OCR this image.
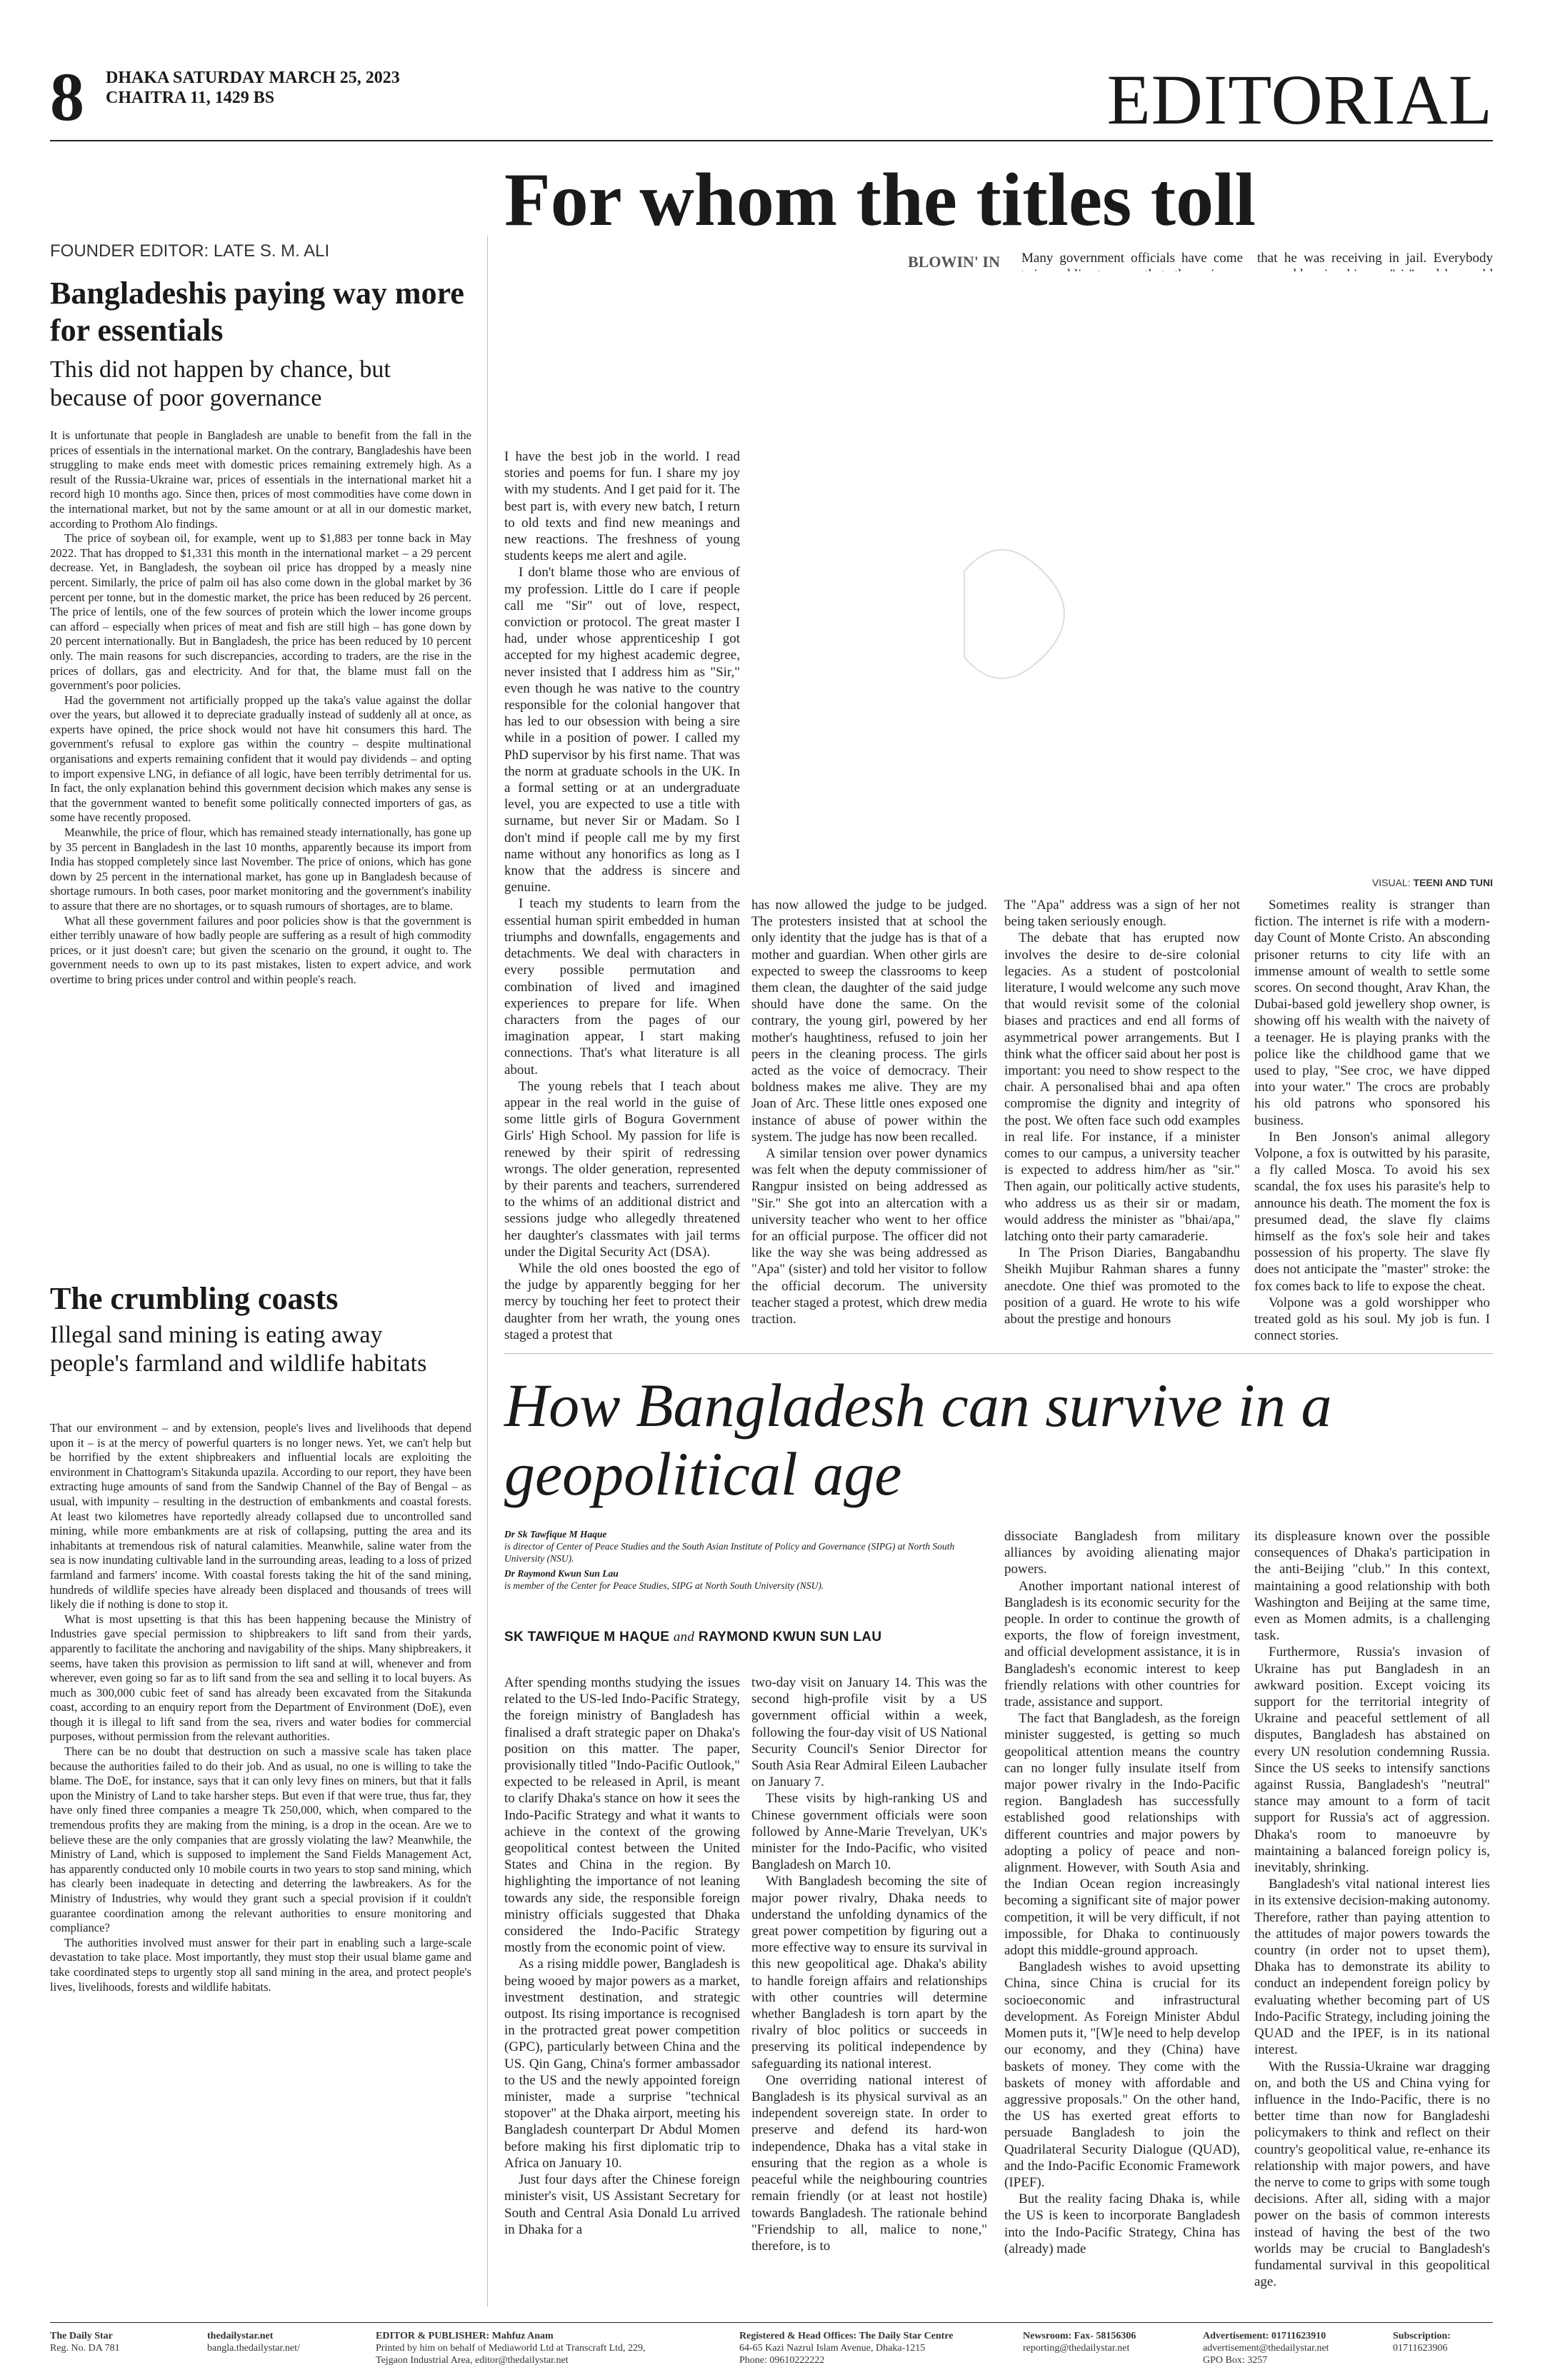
8 DHAKA SATURDAY MARCH 25, 2023
CHAITRA 11, 1429 BS	EDITORIAL
FOUNDER EDITOR: LATE S. M. ALI
Bangladeshis paying way more for essentials
This did not happen by chance, but because of poor governance

It is unfortunate that people in Bangladesh are unable to benefit from the fall in the prices of essentials in the international market. On the contrary, Bangladeshis have been struggling to make ends meet with domestic prices remaining extremely high. As a result of the Russia-Ukraine war, prices of essentials in the international market hit a record high 10 months ago. Since then, prices of most commodities have come down in the international market, but not by the same amount or at all in our domestic market, according to Prothom Alo findings.

The price of soybean oil, for example, went up to $1,883 per tonne back in May 2022. That has dropped to $1,331 this month in the international market – a 29 percent decrease. Yet, in Bangladesh, the soybean oil price has dropped by a measly nine percent. Similarly, the price of palm oil has also come down in the global market by 36 percent per tonne, but in the domestic market, the price has been reduced by 26 percent. The price of lentils, one of the few sources of protein which the lower income groups can afford – especially when prices of meat and fish are still high – has gone down by 20 percent internationally. But in Bangladesh, the price has been reduced by 10 percent only. The main reasons for such discrepancies, according to traders, are the rise in the prices of dollars, gas and electricity. And for that, the blame must fall on the government's poor policies.

Had the government not artificially propped up the taka's value against the dollar over the years, but allowed it to depreciate gradually instead of suddenly all at once, as experts have opined, the price shock would not have hit consumers this hard. The government's refusal to explore gas within the country – despite multinational organisations and experts remaining confident that it would pay dividends – and opting to import expensive LNG, in defiance of all logic, have been terribly detrimental for us. In fact, the only explanation behind this government decision which makes any sense is that the government wanted to benefit some politically connected importers of gas, as some have recently proposed.

Meanwhile, the price of flour, which has remained steady internationally, has gone up by 35 percent in Bangladesh in the last 10 months, apparently because its import from India has stopped completely since last November. The price of onions, which has gone down by 25 percent in the international market, has gone up in Bangladesh because of shortage rumours. In both cases, poor market monitoring and the government's inability to assure that there are no shortages, or to squash rumours of shortages, are to blame.

What all these government failures and poor policies show is that the government is either terribly unaware of how badly people are suffering as a result of high commodity prices, or it just doesn't care; but given the scenario on the ground, it ought to. The government needs to own up to its past mistakes, listen to expert advice, and work overtime to bring prices under control and within people's reach.

The crumbling coasts
Illegal sand mining is eating away people's farmland and wildlife habitats

That our environment – and by extension, people's lives and livelihoods that depend upon it – is at the mercy of powerful quarters is no longer news. Yet, we can't help but be horrified by the extent shipbreakers and influential locals are exploiting the environment in Chattogram's Sitakunda upazila. According to our report, they have been extracting huge amounts of sand from the Sandwip Channel of the Bay of Bengal – as usual, with impunity – resulting in the destruction of embankments and coastal forests. At least two kilometres have reportedly already collapsed due to uncontrolled sand mining, while more embankments are at risk of collapsing, putting the area and its inhabitants at tremendous risk of natural calamities. Meanwhile, saline water from the sea is now inundating cultivable land in the surrounding areas, leading to a loss of prized farmland and farmers' income. With coastal forests taking the hit of the sand mining, hundreds of wildlife species have already been displaced and thousands of trees will likely die if nothing is done to stop it.

What is most upsetting is that this has been happening because the Ministry of Industries gave special permission to shipbreakers to lift sand from their yards, apparently to facilitate the anchoring and navigability of the ships. Many shipbreakers, it seems, have taken this provision as permission to lift sand at will, whenever and from wherever, even going so far as to lift sand from the sea and selling it to local buyers. As much as 300,000 cubic feet of sand has already been excavated from the Sitakunda coast, according to an enquiry report from the Department of Environment (DoE), even though it is illegal to lift sand from the sea, rivers and water bodies for commercial purposes, without permission from the relevant authorities.

There can be no doubt that destruction on such a massive scale has taken place because the authorities failed to do their job. And as usual, no one is willing to take the blame. The DoE, for instance, says that it can only levy fines on miners, but that it falls upon the Ministry of Land to take harsher steps. But even if that were true, thus far, they have only fined three companies a meagre Tk 250,000, which, when compared to the tremendous profits they are making from the mining, is a drop in the ocean. Are we to believe these are the only companies that are grossly violating the law? Meanwhile, the Ministry of Land, which is supposed to implement the Sand Fields Management Act, has apparently conducted only 10 mobile courts in two years to stop sand mining, which has clearly been inadequate in detecting and deterring the lawbreakers. As for the Ministry of Industries, why would they grant such a special provision if it couldn't guarantee coordination among the relevant authorities to ensure monitoring and compliance?

The authorities involved must answer for their part in enabling such a large-scale devastation to take place. Most importantly, they must stop their usual blame game and take coordinated steps to urgently stop all sand mining in the area, and protect people's lives, livelihoods, forests and wildlife habitats.

For whom the titles toll
BLOWIN' IN	Many government officials have come that he was receiving in jail. Everybody

VISUAL: TEENI AND TUNI

I have the best job in the world. I read stories and poems for fun. I share my joy with my students. And I get paid for it. The best part is, with every new batch, I return to old texts and find new meanings and new reactions. The freshness of young students keeps me alert and agile.

I don't blame those who are envious of my profession. Little do I care if people call me "Sir" out of love, respect, conviction or protocol. The great master I had, under whose apprenticeship I got accepted for my highest academic degree, never insisted that I address him as "Sir," even though he was native to the country responsible for the colonial hangover that has led to our obsession with being a sire while in a position of power. I called my PhD supervisor by his first name. That was the norm at graduate schools in the UK. In a formal setting or at an undergraduate level, you are expected to use a title with surname, but never Sir or Madam. So I don't mind if people call me by my first name without any honorifics as long as I know that the address is sincere and genuine.

I teach my students to learn from the essential human spirit embedded in human triumphs and downfalls, engagements and detachments. We deal with characters in every possible permutation and combination of lived and imagined experiences to prepare for life. When characters from the pages of our imagination appear, I start making connections. That's what literature is all about.

The young rebels that I teach about appear in the real world in the guise of some little girls of Bogura Government Girls' High School. My passion for life is renewed by their spirit of redressing wrongs. The older generation, represented by their parents and teachers, surrendered to the whims of an additional district and sessions judge who allegedly threatened her daughter's classmates with jail terms under the Digital Security Act (DSA).

While the old ones boosted the ego of the judge by apparently begging for her mercy by touching her feet to protect their daughter from her wrath, the young ones staged a protest that

has now allowed the judge to be judged. The protesters insisted that at school the only identity that the judge has is that of a mother and guardian. When other girls are expected to sweep the classrooms to keep them clean, the daughter of the said judge should have done the same. On the contrary, the young girl, powered by her mother's haughtiness, refused to join her peers in the cleaning process. The girls acted as the voice of democracy. Their boldness makes me alive. They are my Joan of Arc. These little ones exposed one instance of abuse of power within the system. The judge has now been recalled.

A similar tension over power dynamics was felt when the deputy commissioner of Rangpur insisted on being addressed as "Sir." She got into an altercation with a university teacher who went to her office for an official purpose. The officer did not like the way she was being addressed as "Apa" (sister) and told her visitor to follow the official decorum. The university teacher staged a protest, which drew media traction.

The "Apa" address was a sign of her not being taken seriously enough.

The debate that has erupted now involves the desire to de-sire colonial legacies. As a student of postcolonial literature, I would welcome any such move that would revisit some of the colonial biases and practices and end all forms of asymmetrical power arrangements. But I think what the officer said about her post is important: you need to show respect to the chair. A personalised bhai and apa often compromise the dignity and integrity of the post. We often face such odd examples in real life. For instance, if a minister comes to our campus, a university teacher is expected to address him/her as "sir." Then again, our politically active students, who address us as their sir or madam, would address the minister as "bhai/apa," latching onto their party camaraderie.

In The Prison Diaries, Bangabandhu Sheikh Mujibur Rahman shares a funny anecdote. One thief was promoted to the position of a guard. He wrote to his wife about the prestige and honours

Sometimes reality is stranger than fiction. The internet is rife with a modern-day Count of Monte Cristo. An absconding prisoner returns to city life with an immense amount of wealth to settle some scores. On second thought, Arav Khan, the Dubai-based gold jewellery shop owner, is showing off his wealth with the naivety of a teenager. He is playing pranks with the police like the childhood game that we used to play, "See croc, we have dipped into your water." The crocs are probably his old patrons who sponsored his business.

In Ben Jonson's animal allegory Volpone, a fox is outwitted by his parasite, a fly called Mosca. To avoid his sex scandal, the fox uses his parasite's help to announce his death. The moment the fox is presumed dead, the slave fly claims himself as the fox's sole heir and takes possession of his property. The slave fly does not anticipate the "master" stroke: the fox comes back to life to expose the cheat.

Volpone was a gold worshipper who treated gold as his soul. My job is fun. I connect stories.

How Bangladesh can survive in a geopolitical age
Dr Sk Tawfique M Haque
is director of Center of Peace Studies and the South Asian Institute of Policy and Governance (SIPG) at North South University (NSU).
Dr Raymond Kwun Sun Lau
is member of the Center for Peace Studies, SIPG at North South University (NSU).
SK TAWFIQUE M HAQUE and RAYMOND KWUN SUN LAU

After spending months studying the issues related to the US-led Indo-Pacific Strategy, the foreign ministry of Bangladesh has finalised a draft strategic paper on Dhaka's position on this matter. The paper, provisionally titled "Indo-Pacific Outlook," expected to be released in April, is meant to clarify Dhaka's stance on how it sees the Indo-Pacific Strategy and what it wants to achieve in the context of the growing geopolitical contest between the United States and China in the region. By highlighting the importance of not leaning towards any side, the responsible foreign ministry officials suggested that Dhaka considered the Indo-Pacific Strategy mostly from the economic point of view.

As a rising middle power, Bangladesh is being wooed by major powers as a market, investment destination, and strategic outpost. Its rising importance is recognised in the protracted great power competition (GPC), particularly between China and the US. Qin Gang, China's former ambassador to the US and the newly appointed foreign minister, made a surprise "technical stopover" at the Dhaka airport, meeting his Bangladesh counterpart Dr Abdul Momen before making his first diplomatic trip to Africa on January 10.

Just four days after the Chinese foreign minister's visit, US Assistant Secretary for South and Central Asia Donald Lu arrived in Dhaka for a

two-day visit on January 14. This was the second high-profile visit by a US government official within a week, following the four-day visit of US National Security Council's Senior Director for South Asia Rear Admiral Eileen Laubacher on January 7.

These visits by high-ranking US and Chinese government officials were soon followed by Anne-Marie Trevelyan, UK's minister for the Indo-Pacific, who visited Bangladesh on March 10.

With Bangladesh becoming the site of major power rivalry, Dhaka needs to understand the unfolding dynamics of the great power competition by figuring out a more effective way to ensure its survival in this new geopolitical age. Dhaka's ability to handle foreign affairs and relationships with other countries will determine whether Bangladesh is torn apart by the rivalry of bloc politics or succeeds in preserving its political independence by safeguarding its national interest.

One overriding national interest of Bangladesh is its physical survival as an independent sovereign state. In order to preserve and defend its hard-won independence, Dhaka has a vital stake in ensuring that the region as a whole is peaceful while the neighbouring countries remain friendly (or at least not hostile) towards Bangladesh. The rationale behind "Friendship to all, malice to none," therefore, is to

dissociate Bangladesh from military alliances by avoiding alienating major powers.

Another important national interest of Bangladesh is its economic security for the people. In order to continue the growth of exports, the flow of foreign investment, and official development assistance, it is in Bangladesh's economic interest to keep friendly relations with other countries for trade, assistance and support.

The fact that Bangladesh, as the foreign minister suggested, is getting so much geopolitical attention means the country can no longer fully insulate itself from major power rivalry in the Indo-Pacific region. Bangladesh has successfully established good relationships with different countries and major powers by adopting a policy of peace and non-alignment. However, with South Asia and the Indian Ocean region increasingly becoming a significant site of major power competition, it will be very difficult, if not impossible, for Dhaka to continuously adopt this middle-ground approach.

Bangladesh wishes to avoid upsetting China, since China is crucial for its socioeconomic and infrastructural development. As Foreign Minister Abdul Momen puts it, "[W]e need to help develop our economy, and they (China) have baskets of money. They come with the baskets of money with affordable and aggressive proposals." On the other hand, the US has exerted great efforts to persuade Bangladesh to join the Quadrilateral Security Dialogue (QUAD), and the Indo-Pacific Economic Framework (IPEF).

But the reality facing Dhaka is, while the US is keen to incorporate Bangladesh into the Indo-Pacific Strategy, China has (already) made

its displeasure known over the possible consequences of Dhaka's participation in the anti-Beijing "club." In this context, maintaining a good relationship with both Washington and Beijing at the same time, even as Momen admits, is a challenging task.

Furthermore, Russia's invasion of Ukraine has put Bangladesh in an awkward position. Except voicing its support for the territorial integrity of Ukraine and peaceful settlement of all disputes, Bangladesh has abstained on every UN resolution condemning Russia. Since the US seeks to intensify sanctions against Russia, Bangladesh's "neutral" stance may amount to a form of tacit support for Russia's act of aggression. Dhaka's room to manoeuvre by maintaining a balanced foreign policy is, inevitably, shrinking.

Bangladesh's vital national interest lies in its extensive decision-making autonomy. Therefore, rather than paying attention to the attitudes of major powers towards the country (in order not to upset them), Dhaka has to demonstrate its ability to conduct an independent foreign policy by evaluating whether becoming part of US Indo-Pacific Strategy, including joining the QUAD and the IPEF, is in its national interest.

With the Russia-Ukraine war dragging on, and both the US and China vying for influence in the Indo-Pacific, there is no better time than now for Bangladeshi policymakers to think and reflect on their country's geopolitical value, re-enhance its relationship with major powers, and have the nerve to come to grips with some tough decisions. After all, siding with a major power on the basis of common interests instead of having the best of the two worlds may be crucial to Bangladesh's fundamental survival in this geopolitical age.

The Daily Star
Reg. No. DA 781
thedailystar.net
bangla.thedailystar.net/
EDITOR & PUBLISHER: Mahfuz Anam
Printed by him on behalf of Mediaworld Ltd at Transcraft Ltd, 229,
Tejgaon Industrial Area, editor@thedailystar.net
Registered & Head Offices: The Daily Star Centre
64-65 Kazi Nazrul Islam Avenue, Dhaka-1215
Phone: 09610222222
Newsroom: Fax- 58156306
reporting@thedailystar.net
Advertisement: 01711623910
advertisement@thedailystar.net
GPO Box: 3257
Subscription:
01711623906
